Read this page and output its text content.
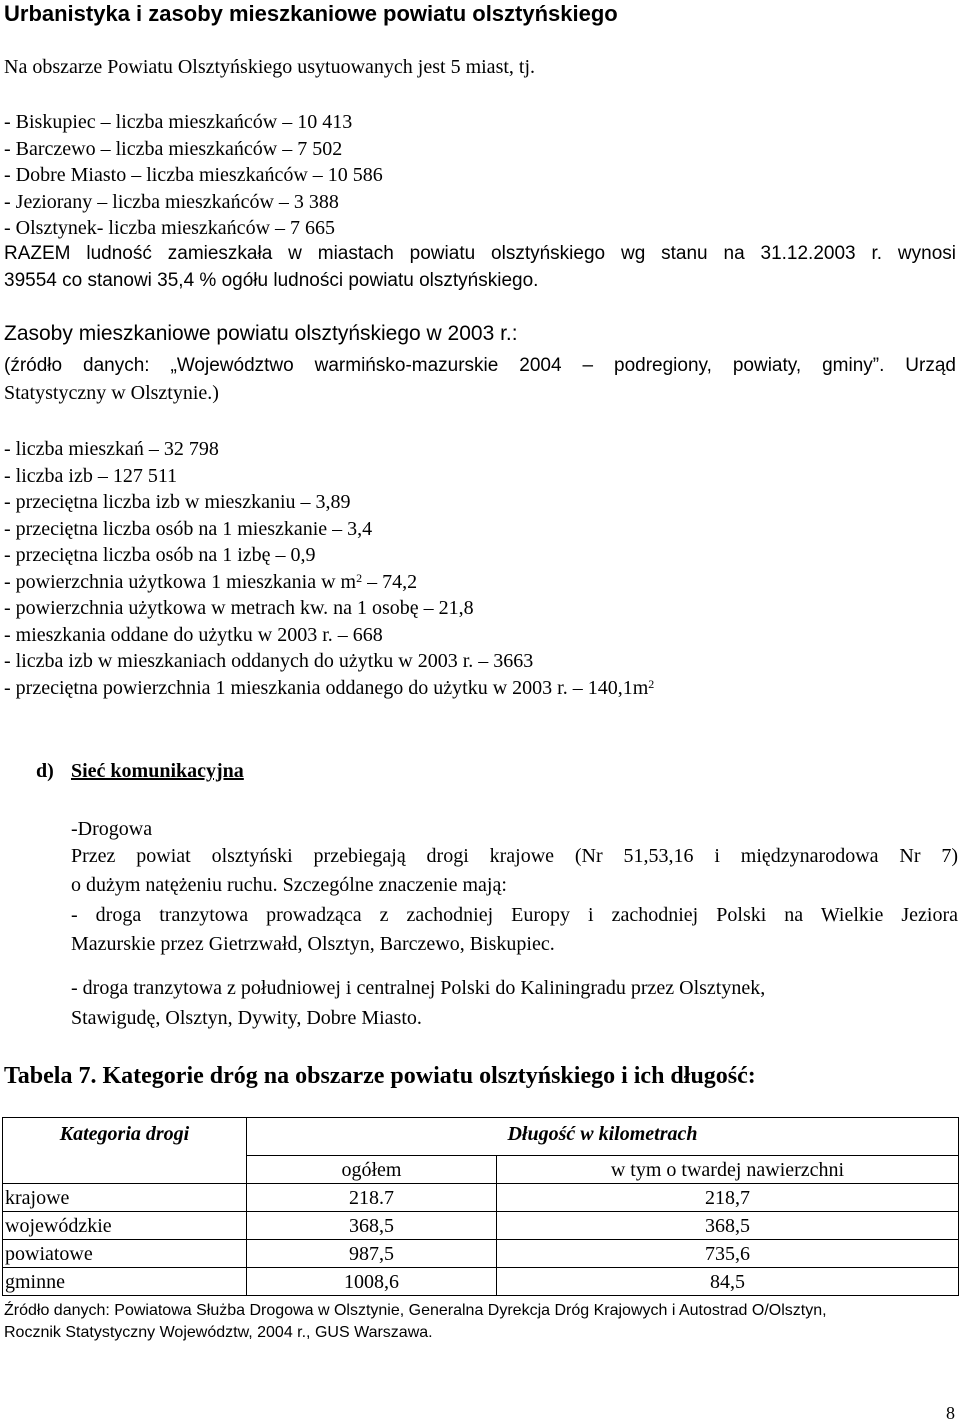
Urbanistyka i zasoby mieszkaniowe powiatu olsztyńskiego
Na obszarze Powiatu Olsztyńskiego usytuowanych jest 5 miast, tj.
- Biskupiec – liczba mieszkańców – 10 413
- Barczewo – liczba mieszkańców – 7 502
- Dobre Miasto – liczba mieszkańców – 10 586
- Jeziorany – liczba mieszkańców – 3 388
- Olsztynek- liczba mieszkańców – 7 665
RAZEM ludność zamieszkała w miastach powiatu olsztyńskiego wg stanu na 31.12.2003 r. wynosi
39554 co stanowi 35,4 % ogółu ludności powiatu olsztyńskiego.
Zasoby mieszkaniowe powiatu olsztyńskiego w 2003 r.:
(źródło danych: „Województwo warmińsko-mazurskie 2004 – podregiony, powiaty, gminy”. Urząd
Statystyczny w Olsztynie.)
- liczba mieszkań – 32 798
- liczba izb – 127 511
- przeciętna liczba izb w mieszkaniu – 3,89
- przeciętna liczba osób na 1 mieszkanie – 3,4
- przeciętna liczba osób na 1 izbę – 0,9
- powierzchnia użytkowa 1 mieszkania w $m^2 - 74,2$
- powierzchnia użytkowa w metrach kw. na 1 osobę – 21,8
- mieszkania oddane do użytku w 2003 r. – 668
- liczba izb w mieszkaniach oddanych do użytku w 2003 r. – 3663
- przeciętna powierzchnia 1 mieszkania oddanego do użytku w 2003 r. – $140,1m^2$
d) Sieć komunikacyjna
-Drogowa
Przez powiat olsztyński przebiegają drogi krajowe (Nr 51,53,16 i międzynarodowa Nr 7)
o dużym natężeniu ruchu. Szczególne znaczenie mają:
- droga tranzytowa prowadząca z zachodniej Europy i zachodniej Polski na Wielkie Jeziora
Mazurskie przez Gietrzwałd, Olsztyn, Barczewo, Biskupiec.
- droga tranzytowa z południowej i centralnej Polski do Kaliningradu przez Olsztynek,
Stawigudę, Olsztyn, Dywity, Dobre Miasto.
Tabela 7. Kategorie dróg na obszarze powiatu olsztyńskiego i ich długość:
Kategoria drogi	Długość w kilometrach	
	ogółem	w tym o twardej nawierzchni
krajowe	218.7	218,7
wojewódzkie	368,5	368,5
powiatowe	987,5	735,6
gminne	1008,6	84,5
Źródło danych: Powiatowa Służba Drogowa w Olsztynie, Generalna Dyrekcja Dróg Krajowych i Autostrad O/Olsztyn,
Rocznik Statystyczny Województw, 2004 r., GUS Warszawa.
8
